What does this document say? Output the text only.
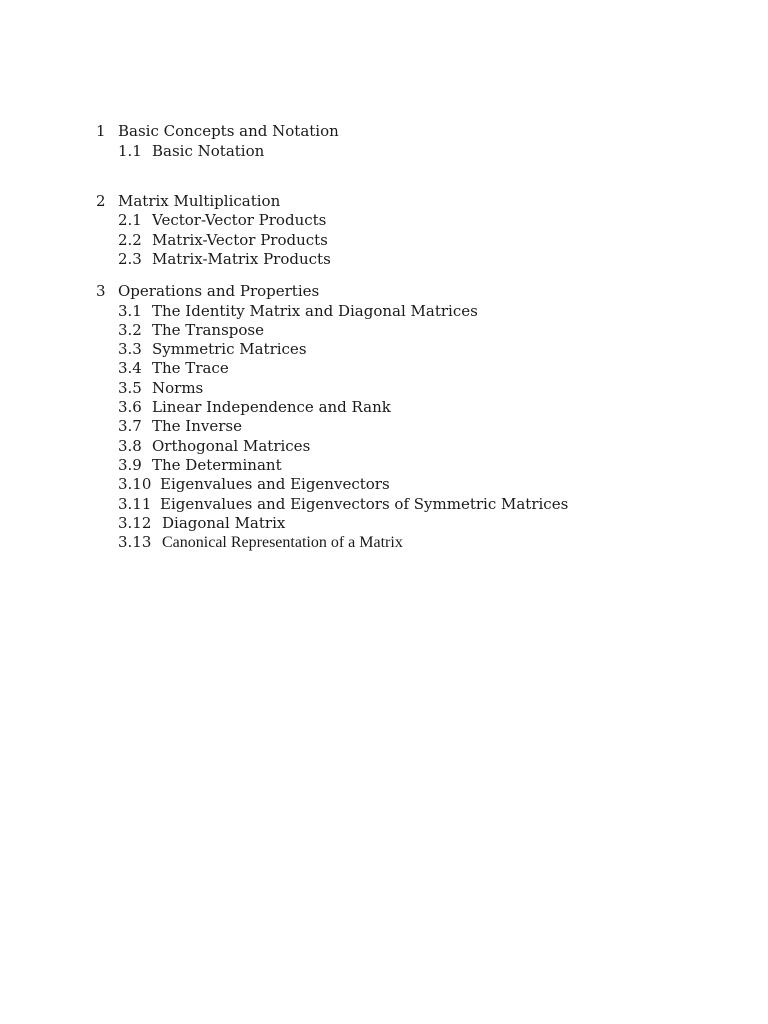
1 Basic Concepts and Notation
1.1 Basic Notation
2 Matrix Multiplication
2.1 Vector-Vector Products
2.2 Matrix-Vector Products
2.3 Matrix-Matrix Products
3 Operations and Properties
3.1 The Identity Matrix and Diagonal Matrices
3.2 The Transpose
3.3 Symmetric Matrices
3.4 The Trace
3.5 Norms
3.6 Linear Independence and Rank
3.7 The Inverse
3.8 Orthogonal Matrices
3.9 The Determinant
3.10 Eigenvalues and Eigenvectors
3.11 Eigenvalues and Eigenvectors of Symmetric Matrices
3.12 Diagonal Matrix
3.13 Canonical Representation of a Matrix
